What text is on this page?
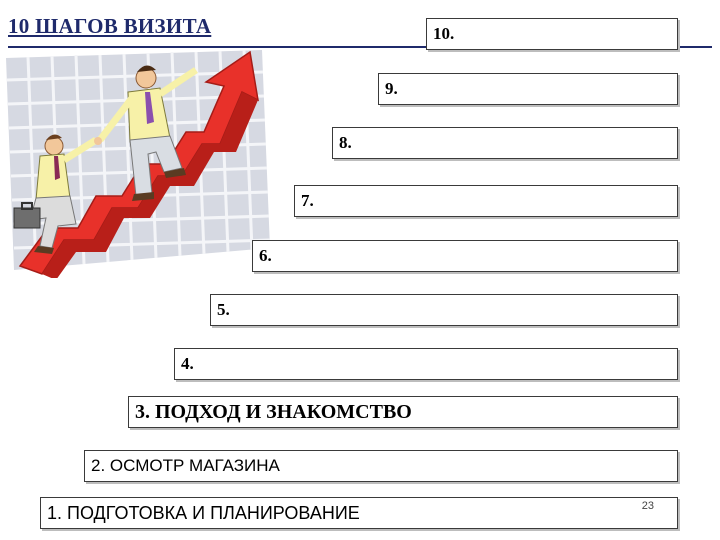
10 ШАГОВ ВИЗИТА	10.
9.
8.
7.
6.
5.
4.
3. ПОДХОД И ЗНАКОМСТВО
2. ОСМОТР МАГАЗИНА
1. ПОДГОТОВКА И ПЛАНИРОВАНИЕ	23
